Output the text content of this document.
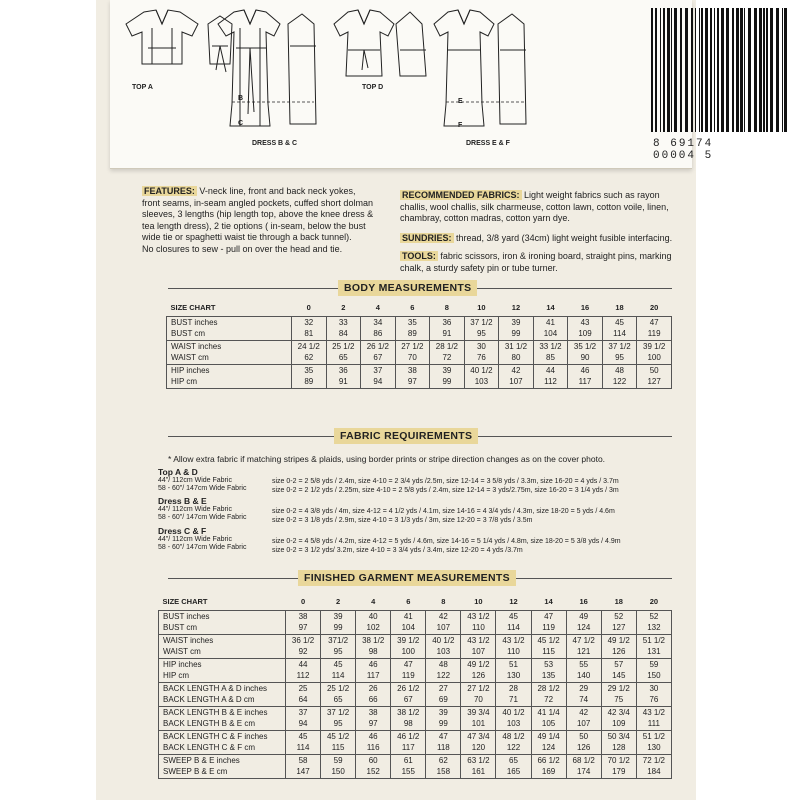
TOP A
B
C
DRESS B & C
TOP D
E
F
DRESS E & F	8 69174 00004 5
FEATURES: V-neck line, front and back neck yokes,
front seams, in-seam angled pockets, cuffed short dolman
sleeves, 3 lengths (hip length top, above the knee dress &
tea length dress), 2 tie options ( in-seam, below the bust
wide tie or spaghetti waist tie through a back tunnel).
No closures to sew - pull on over the head and tie.
RECOMMENDED FABRICS: Light weight fabrics such as rayon
challis, wool challis, silk charmeuse, cotton lawn, cotton voile, linen,
chambray, cotton madras, cotton yarn dye.
SUNDRIES: thread, 3/8 yard (34cm) light weight fusible interfacing.
TOOLS: fabric scissors, iron & ironing board, straight pins, marking
chalk, a sturdy safety pin or tube turner.
BODY MEASUREMENTS
SIZE CHART	0	2	4	6	8	10	12	14	16	18	20
BUST inches	32	33	34	35	36	37 1/2	39	41	43	45	47
BUST cm	81	84	86	89	91	95	99	104	109	114	119
WAIST inches	24 1/2	25 1/2	26 1/2	27 1/2	28 1/2	30	31 1/2	33 1/2	35 1/2	37 1/2	39 1/2
WAIST cm	62	65	67	70	72	76	80	85	90	95	100
HIP inches	35	36	37	38	39	40 1/2	42	44	46	48	50
HIP cm	89	91	94	97	99	103	107	112	117	122	127
FABRIC REQUIREMENTS
* Allow extra fabric if matching stripes & plaids, using border prints or stripe direction changes as on the cover photo.
Top A & D
44"/ 112cm Wide Fabric
58 - 60"/ 147cm Wide Fabric
size 0-2 = 2 5/8 yds / 2.4m, size 4-10 = 2 3/4 yds /2.5m, size 12-14 = 3 5/8 yds / 3.3m, size 16-20 = 4 yds / 3.7m
size 0-2 = 2 1/2 yds / 2.25m, size 4-10 = 2 5/8 yds / 2.4m, size 12-14 = 3 yds/2.75m, size 16-20 = 3 1/4 yds / 3m
Dress B & E
44"/ 112cm Wide Fabric
58 - 60"/ 147cm Wide Fabric
size 0-2 = 4 3/8 yds / 4m, size 4-12 = 4 1/2 yds / 4.1m, size 14-16 = 4 3/4 yds / 4.3m, size 18-20 = 5 yds / 4.6m
size 0-2 = 3 1/8 yds / 2.9m, size 4-10 = 3 1/3 yds / 3m, size 12-20 = 3 7/8 yds / 3.5m
Dress C & F
44"/ 112cm Wide Fabric
58 - 60"/ 147cm Wide Fabric
size 0-2 = 4 5/8 yds / 4.2m, size 4-12 = 5 yds / 4.6m, size 14-16 = 5 1/4 yds / 4.8m, size 18-20 = 5 3/8 yds / 4.9m
size 0-2 = 3 1/2 yds/ 3.2m, size 4-10 = 3 3/4 yds / 3.4m, size 12-20 = 4 yds /3.7m
FINISHED GARMENT MEASUREMENTS
SIZE CHART	0	2	4	6	8	10	12	14	16	18	20
BUST inches	38	39	40	41	42	43 1/2	45	47	49	52	52
BUST cm	97	99	102	104	107	110	114	119	124	127	132
WAIST inches	36 1/2	371/2	38 1/2	39 1/2	40 1/2	43 1/2	43 1/2	45 1/2	47 1/2	49 1/2	51 1/2
WAIST cm	92	95	98	100	103	107	110	115	121	126	131
HIP inches	44	45	46	47	48	49 1/2	51	53	55	57	59
HIP cm	112	114	117	119	122	126	130	135	140	145	150
BACK LENGTH A & D inches	25	25 1/2	26	26 1/2	27	27 1/2	28	28 1/2	29	29 1/2	30
BACK LENGTH A & D cm	64	65	66	67	69	70	71	72	74	75	76
BACK LENGTH B & E inches	37	37 1/2	38	38 1/2	39	39 3/4	40 1/2	41 1/4	42	42 3/4	43 1/2
BACK LENGTH B & E cm	94	95	97	98	99	101	103	105	107	109	111
BACK LENGTH C & F inches	45	45 1/2	46	46 1/2	47	47 3/4	48 1/2	49 1/4	50	50 3/4	51 1/2
BACK LENGTH C & F cm	114	115	116	117	118	120	122	124	126	128	130
SWEEP B & E inches	58	59	60	61	62	63 1/2	65	66 1/2	68 1/2	70 1/2	72 1/2
SWEEP B & E cm	147	150	152	155	158	161	165	169	174	179	184
